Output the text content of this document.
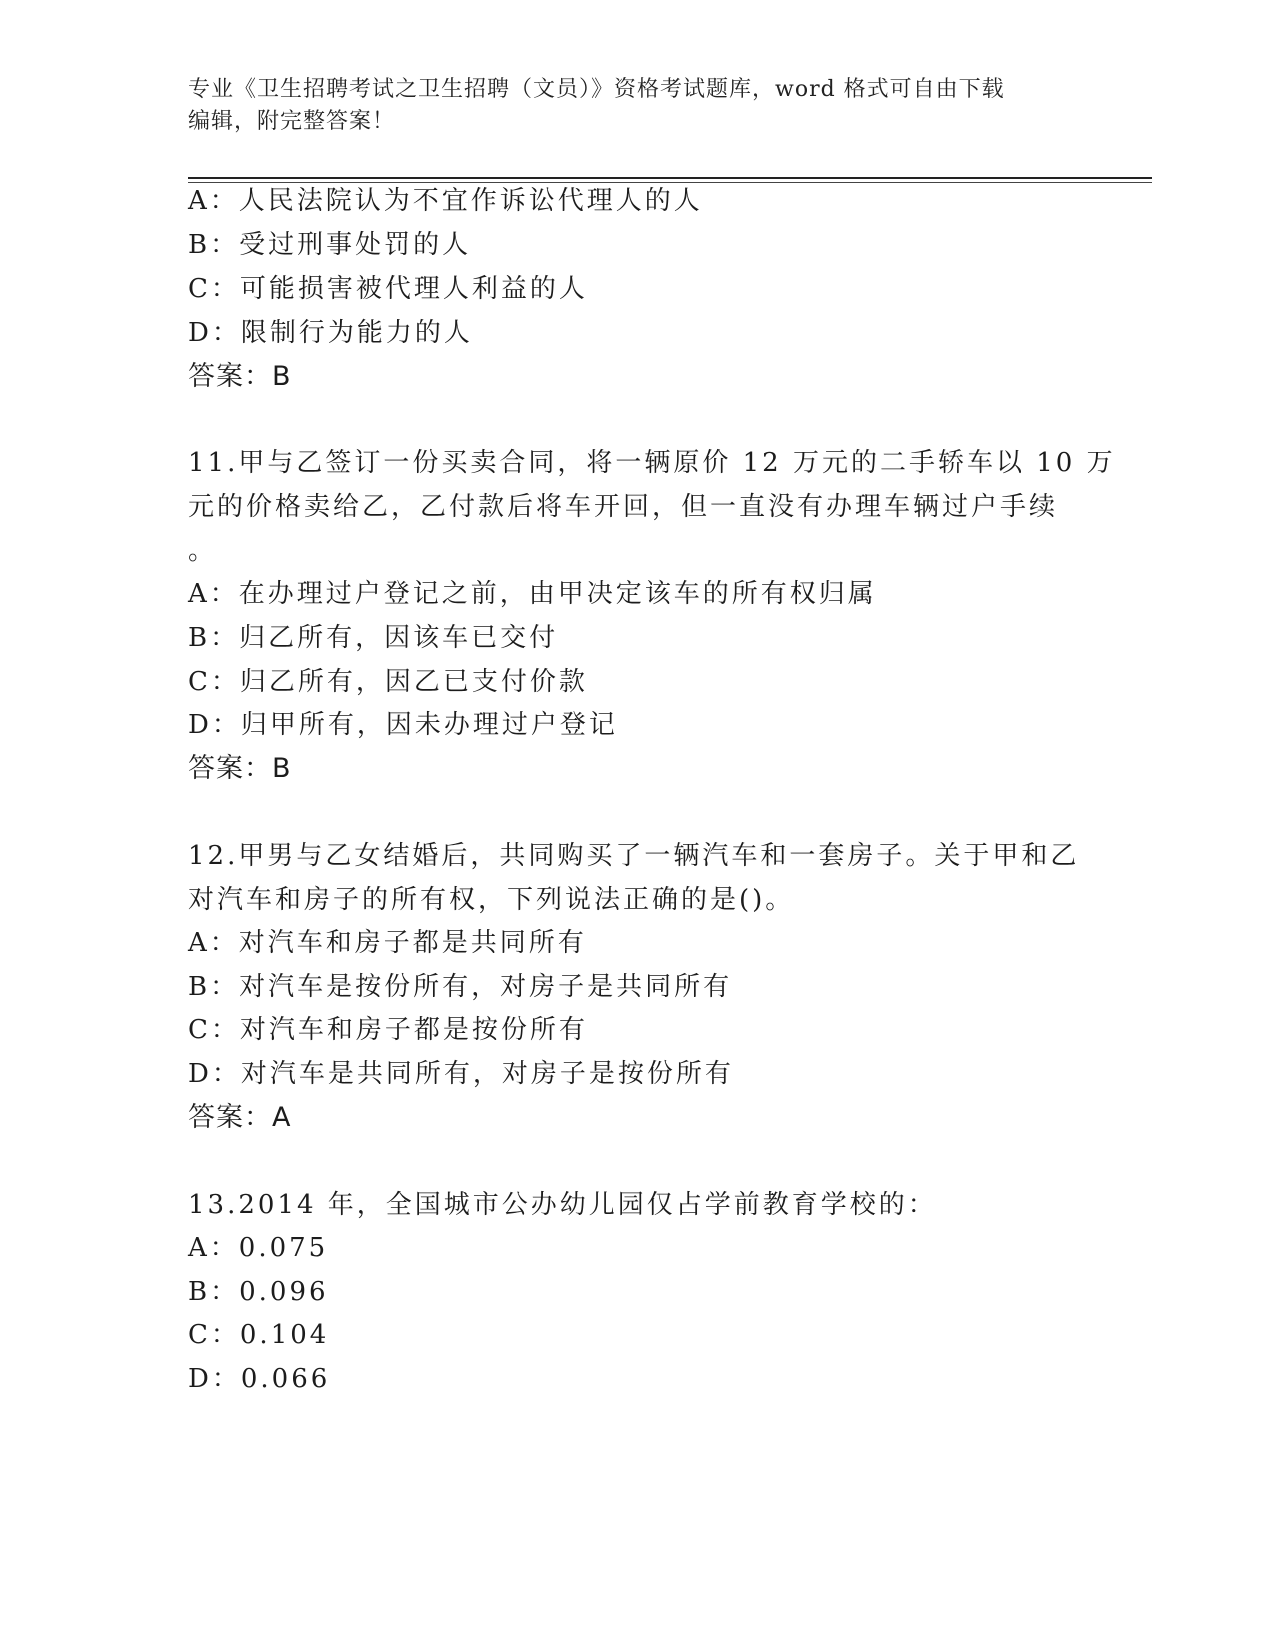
专业《卫生招聘考试之卫生招聘（文员）》资格考试题库，word 格式可自由下载
编辑，附完整答案！
A：人民法院认为不宜作诉讼代理人的人
B：受过刑事处罚的人
C：可能损害被代理人利益的人
D：限制行为能力的人
答案：B
11.甲与乙签订一份买卖合同，将一辆原价 12 万元的二手轿车以 10 万
元的价格卖给乙，乙付款后将车开回，但一直没有办理车辆过户手续
。
A：在办理过户登记之前，由甲决定该车的所有权归属
B：归乙所有，因该车已交付
C：归乙所有，因乙已支付价款
D：归甲所有，因未办理过户登记
答案：B
12.甲男与乙女结婚后，共同购买了一辆汽车和一套房子。关于甲和乙
对汽车和房子的所有权，下列说法正确的是()。
A：对汽车和房子都是共同所有
B：对汽车是按份所有，对房子是共同所有
C：对汽车和房子都是按份所有
D：对汽车是共同所有，对房子是按份所有
答案：A
13.2014 年，全国城市公办幼儿园仅占学前教育学校的：
A：0.075
B：0.096
C：0.104
D：0.066
